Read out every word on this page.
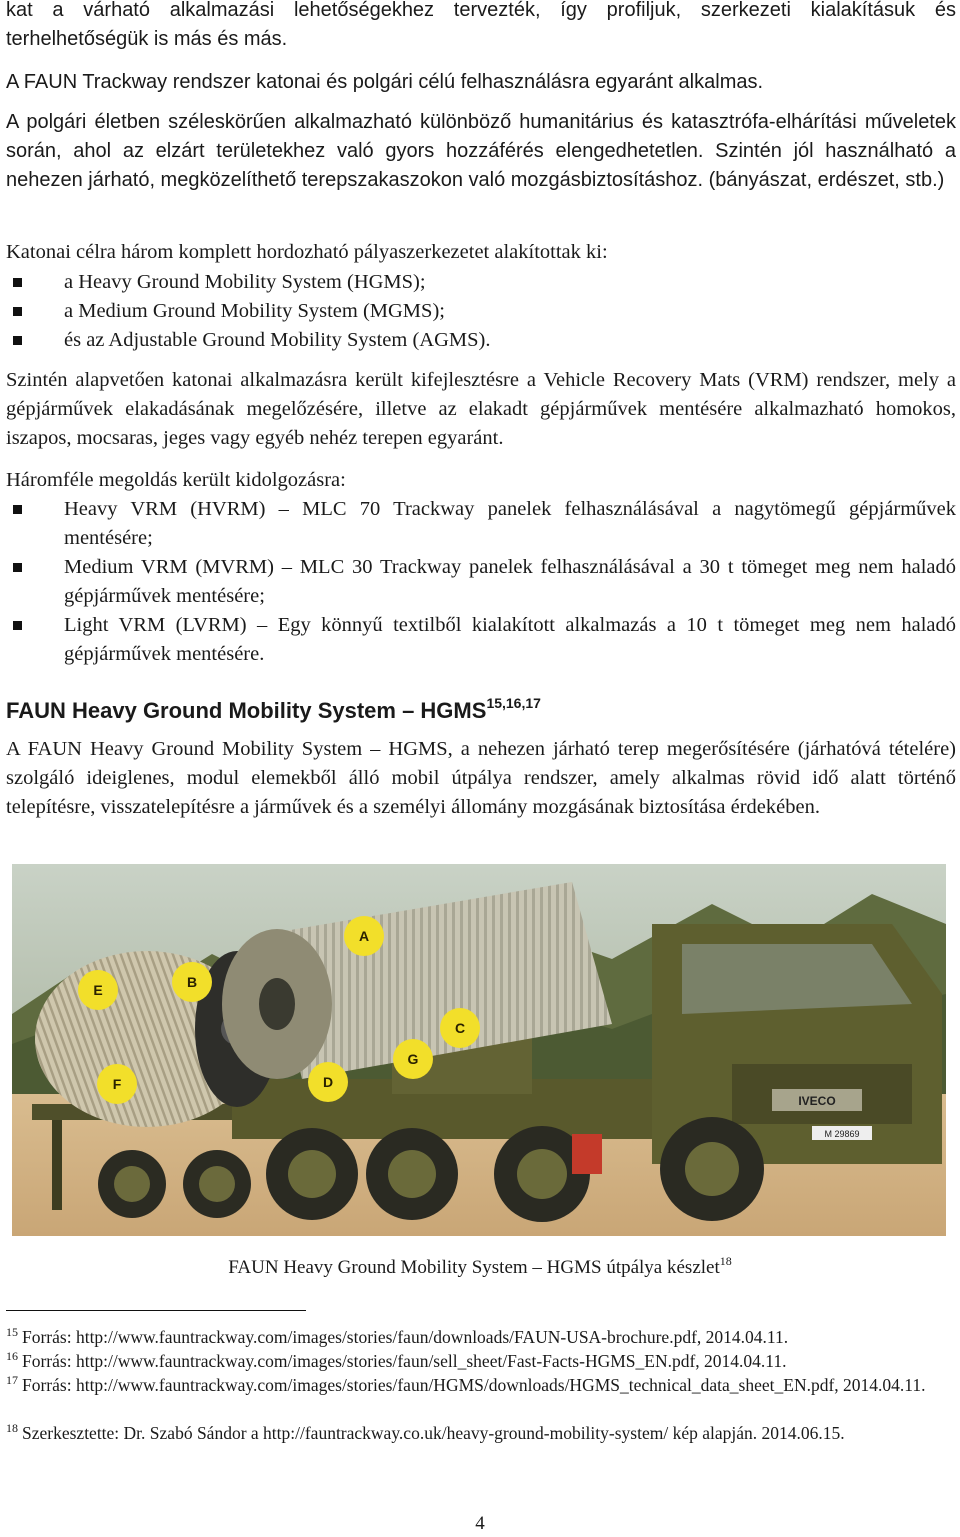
kat a várható alkalmazási lehetőségekhez tervezték, így profiljuk, szerkezeti kialakításuk és terhelhetőségük is más és más.

A FAUN Trackway rendszer katonai és polgári célú felhasználásra egyaránt alkalmas.

A polgári életben széleskörűen alkalmazható különböző humanitárius és katasztrófa-elhárítási műveletek során, ahol az elzárt területekhez való gyors hozzáférés elengedhetetlen. Szintén jól használható a nehezen járható, megközelíthető terepszakaszokon való mozgásbiztosításhoz. (bányászat, erdészet, stb.)

Katonai célra három komplett hordozható pályaszerkezetet alakítottak ki:

a Heavy Ground Mobility System (HGMS);
a Medium Ground Mobility System (MGMS);
és az Adjustable Ground Mobility System (AGMS).

Szintén alapvetően katonai alkalmazásra került kifejlesztésre a Vehicle Recovery Mats (VRM) rendszer, mely a gépjárművek elakadásának megelőzésére, illetve az elakadt gépjárművek mentésére alkalmazható homokos, iszapos, mocsaras, jeges vagy egyéb nehéz terepen egyaránt.

Háromféle megoldás került kidolgozásra:

Heavy VRM (HVRM) – MLC 70 Trackway panelek felhasználásával a nagytömegű gépjárművek mentésére;
Medium VRM (MVRM) – MLC 30 Trackway panelek felhasználásával a 30 t tömeget meg nem haladó gépjárművek mentésére;
Light VRM (LVRM) – Egy könnyű textilből kialakított alkalmazás a 10 t tömeget meg nem haladó gépjárművek mentésére.
FAUN Heavy Ground Mobility System – HGMS$^{15,16,17}$

A FAUN Heavy Ground Mobility System – HGMS, a nehezen járható terep megerősítésére (járhatóvá tételére) szolgáló ideiglenes, modul elemekből álló mobil útpálya rendszer, amely alkalmas rövid idő alatt történő telepítésre, visszatelepítésre a járművek és a személyi állomány mozgásának biztosítása érdekében.

IVECO
M 29869
A
B
C
D
E
F
G
FAUN Heavy Ground Mobility System – HGMS útpálya készlet$^{18}$
$^{15}$ Forrás: http://www.fauntrackway.com/images/stories/faun/downloads/FAUN-USA-brochure.pdf, 2014.04.11.
$^{16}$ Forrás: http://www.fauntrackway.com/images/stories/faun/sell_sheet/Fast-Facts-HGMS_EN.pdf, 2014.04.11.
$^{17}$ Forrás: http://www.fauntrackway.com/images/stories/faun/HGMS/downloads/HGMS_technical_data_sheet_EN.pdf, 2014.04.11.
$^{18}$ Szerkesztette: Dr. Szabó Sándor a http://fauntrackway.co.uk/heavy-ground-mobility-system/ kép alapján. 2014.06.15.
4
